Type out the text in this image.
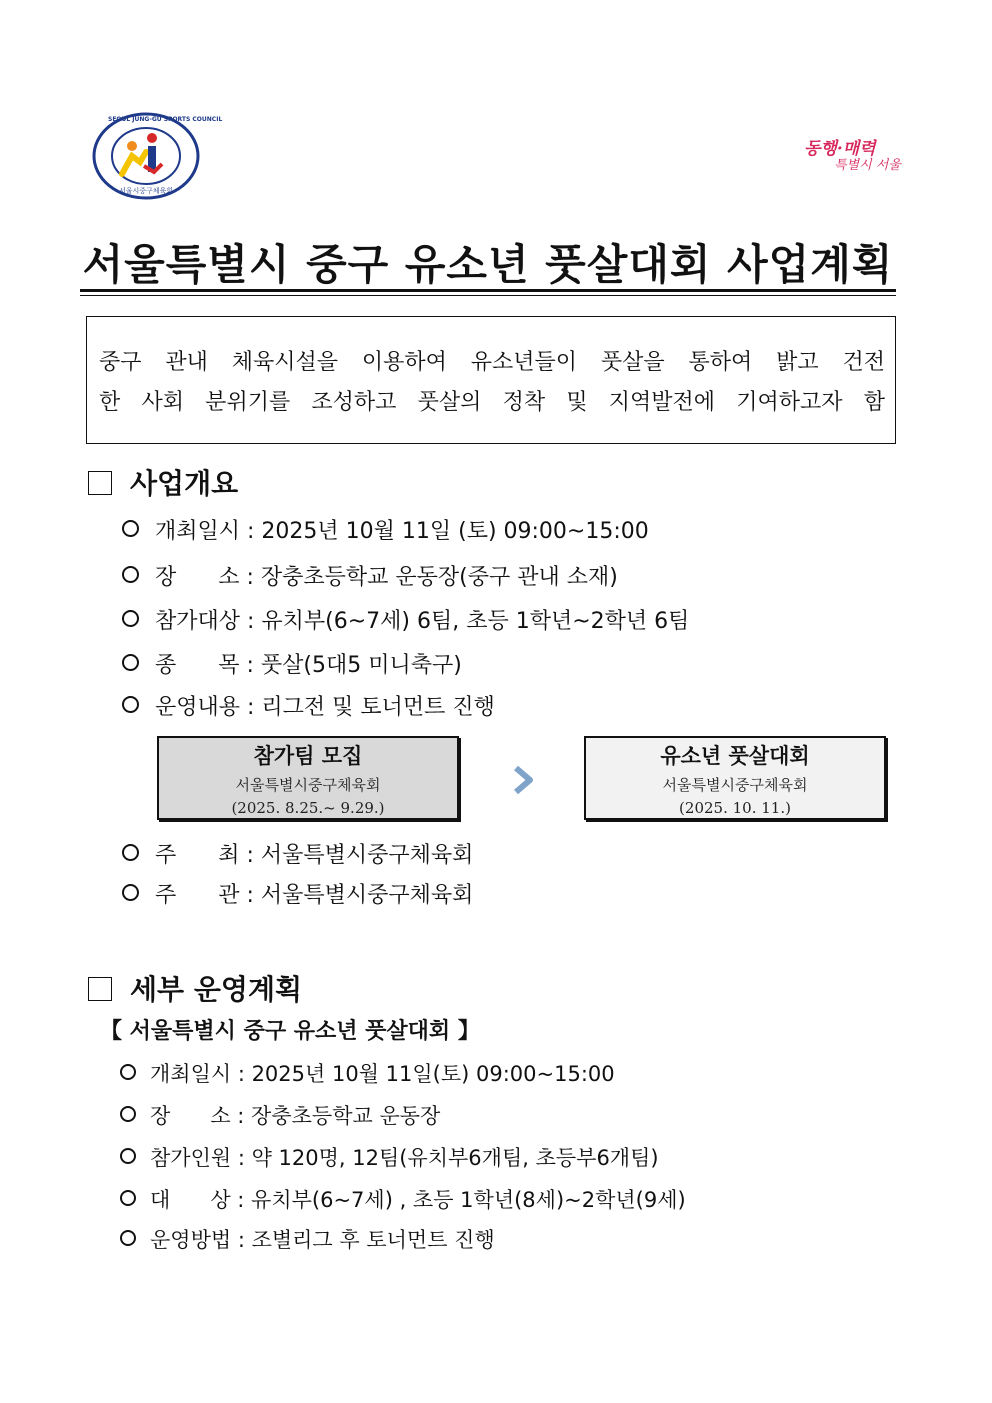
SEOUL JUNG-GU SPORTS COUNCIL
서울시중구체육회
동행·매력
특별시 서울
서울특별시 중구 유소년 풋살대회 사업계획
중구 관내 체육시설을 이용하여 유소년들이 풋살을 통하여 밝고 건전
한 사회 분위기를 조성하고 풋살의 정착 및 지역발전에 기여하고자 함
사업개요
개최일시 : 2025년 10월 11일 (토) 09:00~15:00
장      소 : 장충초등학교 운동장(중구 관내 소재)
참가대상 : 유치부(6~7세) 6팀, 초등 1학년~2학년 6팀
종      목 : 풋살(5대5 미니축구)
운영내용 : 리그전 및 토너먼트 진행
참가팀 모집
서울특별시중구체육회
(2025. 8.25.~ 9.29.)
유소년 풋살대회
서울특별시중구체육회
(2025. 10. 11.)
주      최 : 서울특별시중구체육회
주      관 : 서울특별시중구체육회
세부 운영계획
【 서울특별시 중구 유소년 풋살대회 】
개최일시 : 2025년 10월 11일(토) 09:00~15:00
장      소 : 장충초등학교 운동장
참가인원 : 약 120명, 12팀(유치부6개팀, 초등부6개팀)
대      상 : 유치부(6~7세) , 초등 1학년(8세)~2학년(9세)
운영방법 : 조별리그 후 토너먼트 진행
